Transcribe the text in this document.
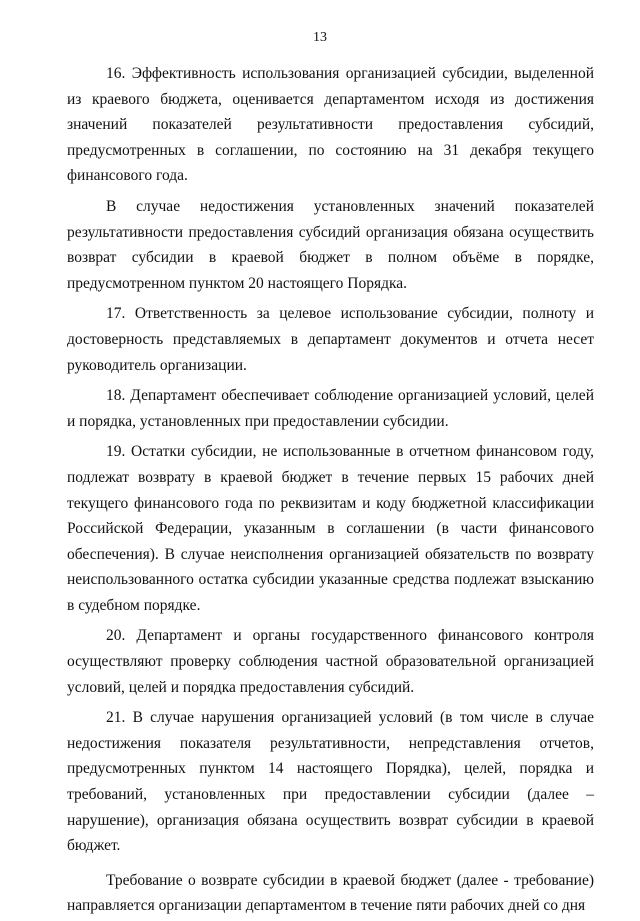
13

16. Эффективность использования организацией субсидии, выделенной из краевого бюджета, оценивается департаментом исходя из достижения значений показателей результативности предоставления субсидий, предусмотренных в соглашении, по состоянию на 31 декабря текущего финансового года.

В случае недостижения установленных значений показателей результативности предоставления субсидий организация обязана осуществить возврат субсидии в краевой бюджет в полном объёме в порядке, предусмотренном пунктом 20 настоящего Порядка.

17. Ответственность за целевое использование субсидии, полноту и достоверность представляемых в департамент документов и отчета несет руководитель организации.

18. Департамент обеспечивает соблюдение организацией условий, целей и порядка, установленных при предоставлении субсидии.

19. Остатки субсидии, не использованные в отчетном финансовом году, подлежат возврату в краевой бюджет в течение первых 15 рабочих дней текущего финансового года по реквизитам и коду бюджетной классификации Российской Федерации, указанным в соглашении (в части финансового обеспечения). В случае неисполнения организацией обязательств по возврату неиспользованного остатка субсидии указанные средства подлежат взысканию в судебном порядке.

20. Департамент и органы государственного финансового контроля осуществляют проверку соблюдения частной образовательной организацией условий, целей и порядка предоставления субсидий.

21. В случае нарушения организацией условий (в том числе в случае недостижения показателя результативности, непредставления отчетов, предусмотренных пунктом 14 настоящего Порядка), целей, порядка и требований, установленных при предоставлении субсидии (далее – нарушение), организация обязана осуществить возврат субсидии в краевой бюджет.

Требование о возврате субсидии в краевой бюджет (далее - требование) направляется организации департаментом в течение пяти рабочих дней со дня
